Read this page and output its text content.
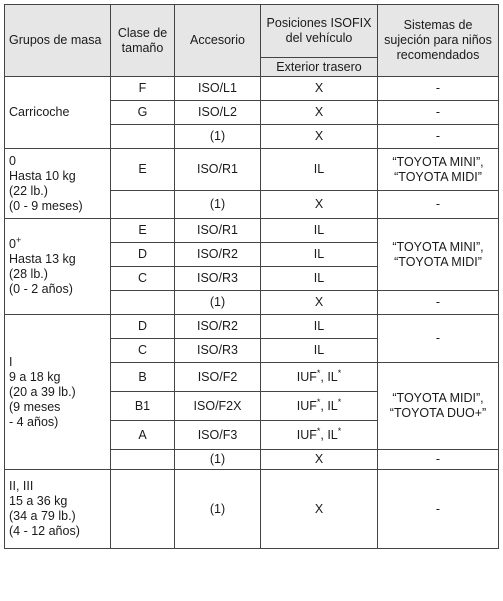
Grupos de masa	Clase de tamaño	Accesorio	Posiciones ISOFIX del vehículo	Sistemas de sujeción para niños recomendados
			Exterior trasero	

Carricoche	F	ISO/L1	X	-
	G	ISO/L2	X	-
		(1)	X	-

0
Hasta 10 kg
(22 lb.)
(0 - 9 meses)	E	ISO/R1	IL	“TOYOTA MINI”, “TOYOTA MIDI”
		(1)	X	-

0+
Hasta 13 kg
(28 lb.)
(0 - 2 años)	E	ISO/R1	IL	“TOYOTA MINI”, “TOYOTA MIDI”
	D	ISO/R2	IL	
	C	ISO/R3	IL	
		(1)	X	-

I
9 a 18 kg
(20 a 39 lb.)
(9 meses
- 4 años)	D	ISO/R2	IL	-
	C	ISO/R3	IL	
	B	ISO/F2	IUF*, IL*	“TOYOTA MIDI”, “TOYOTA DUO+”
	B1	ISO/F2X	IUF*, IL*
	A	ISO/F3	IUF*, IL*
		(1)	X	-

II, III
15 a 36 kg
(34 a 79 lb.)
(4 - 12 años)		(1)	X	-
